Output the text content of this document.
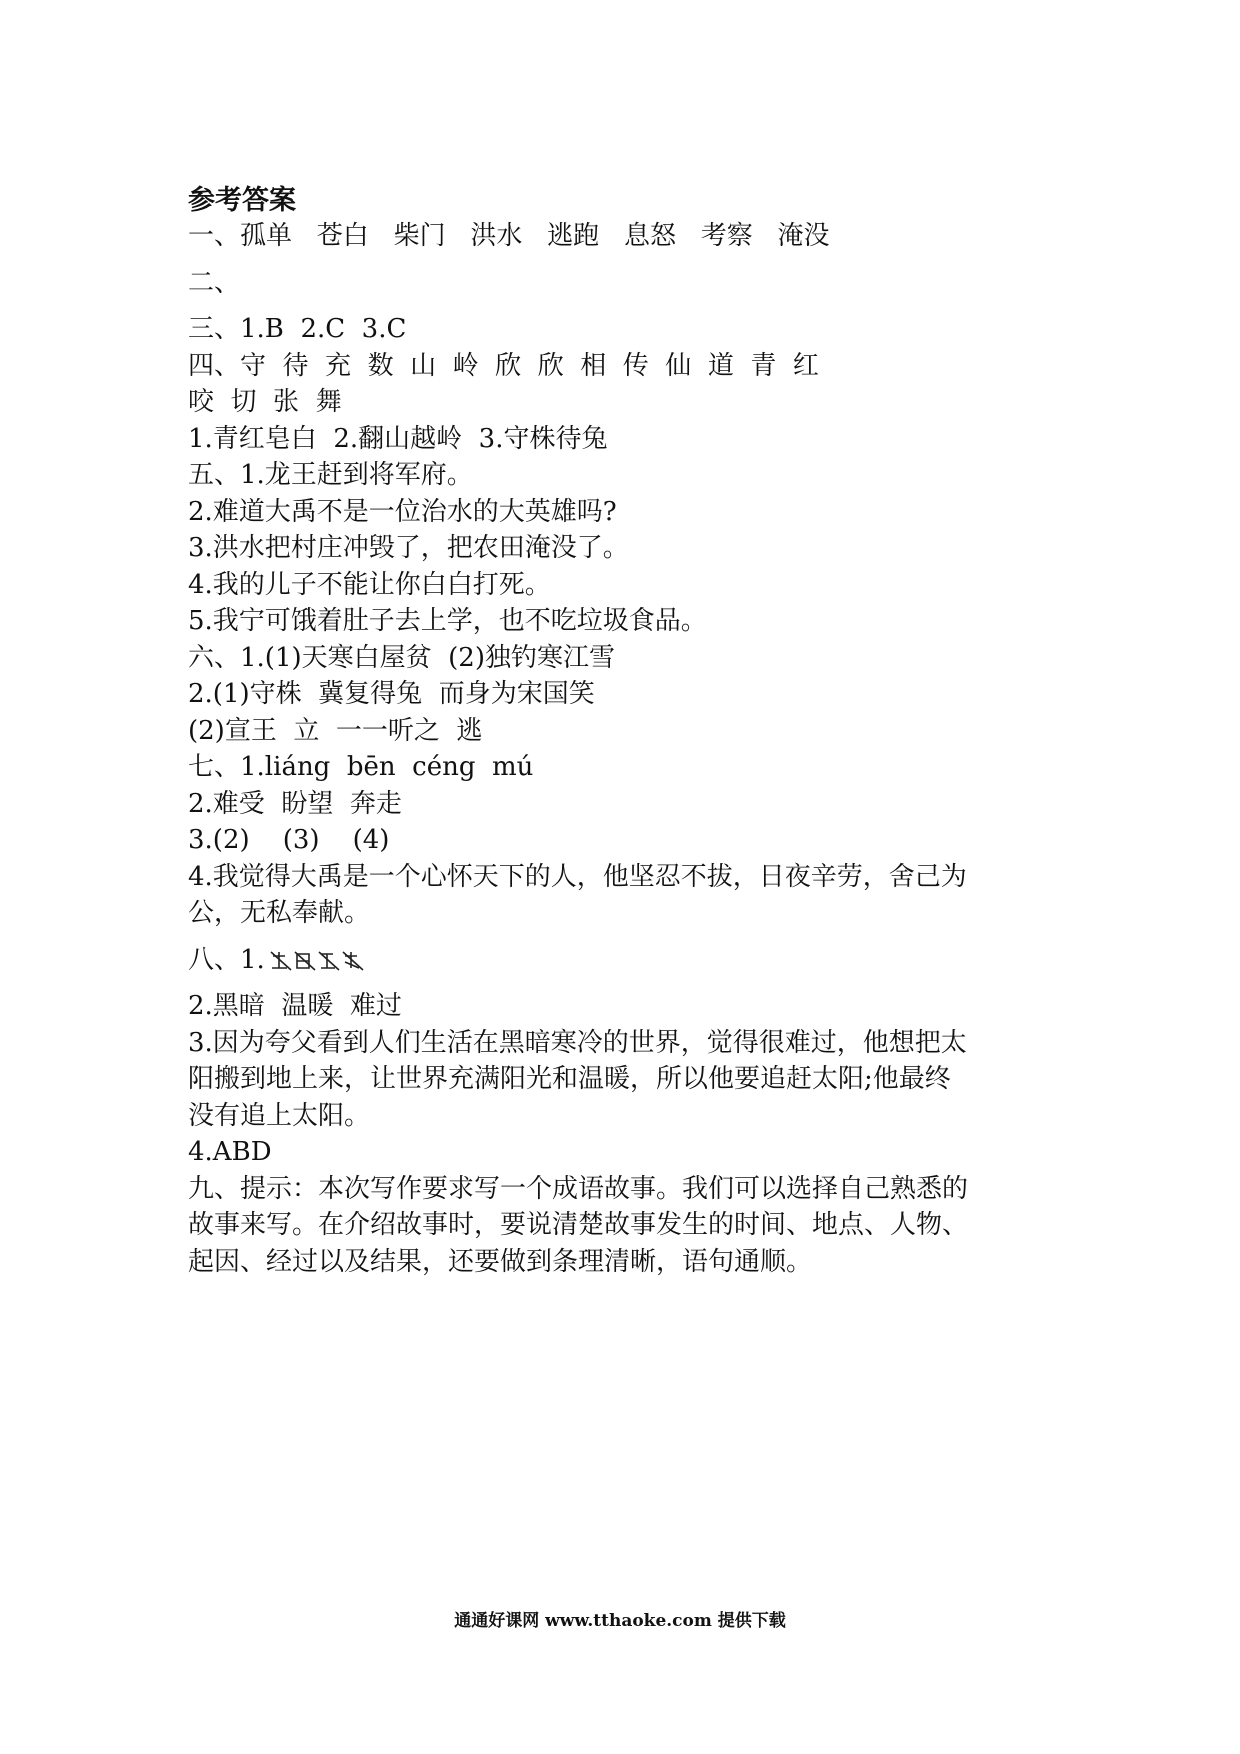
参考答案
一、孤单   苍白   柴门   洪水   逃跑   息怒   考察   淹没
二、
三、1.B  2.C  3.C
四、守  待  充  数  山  岭  欣  欣  相  传  仙  道  青  红
咬  切  张  舞
1.青红皂白  2.翻山越岭  3.守株待兔
五、1.龙王赶到将军府。
2.难道大禹不是一位治水的大英雄吗?
3.洪水把村庄冲毁了，把农田淹没了。
4.我的儿子不能让你白白打死。
5.我宁可饿着肚子去上学，也不吃垃圾食品。
六、1.(1)天寒白屋贫  (2)独钓寒江雪
2.(1)守株  冀复得兔  而身为宋国笑
(2)宣王  立  一一听之  逃
七、1.liáng  bēn  céng  mú
2.难受  盼望  奔走
3.(2)    (3)    (4)
4.我觉得大禹是一个心怀天下的人，他坚忍不拔，日夜辛劳，舍己为
公，无私奉献。
八、1.
2.黑暗  温暖  难过
3.因为夸父看到人们生活在黑暗寒冷的世界，觉得很难过，他想把太
阳搬到地上来，让世界充满阳光和温暖，所以他要追赶太阳;他最终
没有追上太阳。
4.ABD
九、提示：本次写作要求写一个成语故事。我们可以选择自己熟悉的
故事来写。在介绍故事时，要说清楚故事发生的时间、地点、人物、
起因、经过以及结果，还要做到条理清晰，语句通顺。
通通好课网 www.tthaoke.com 提供下载
